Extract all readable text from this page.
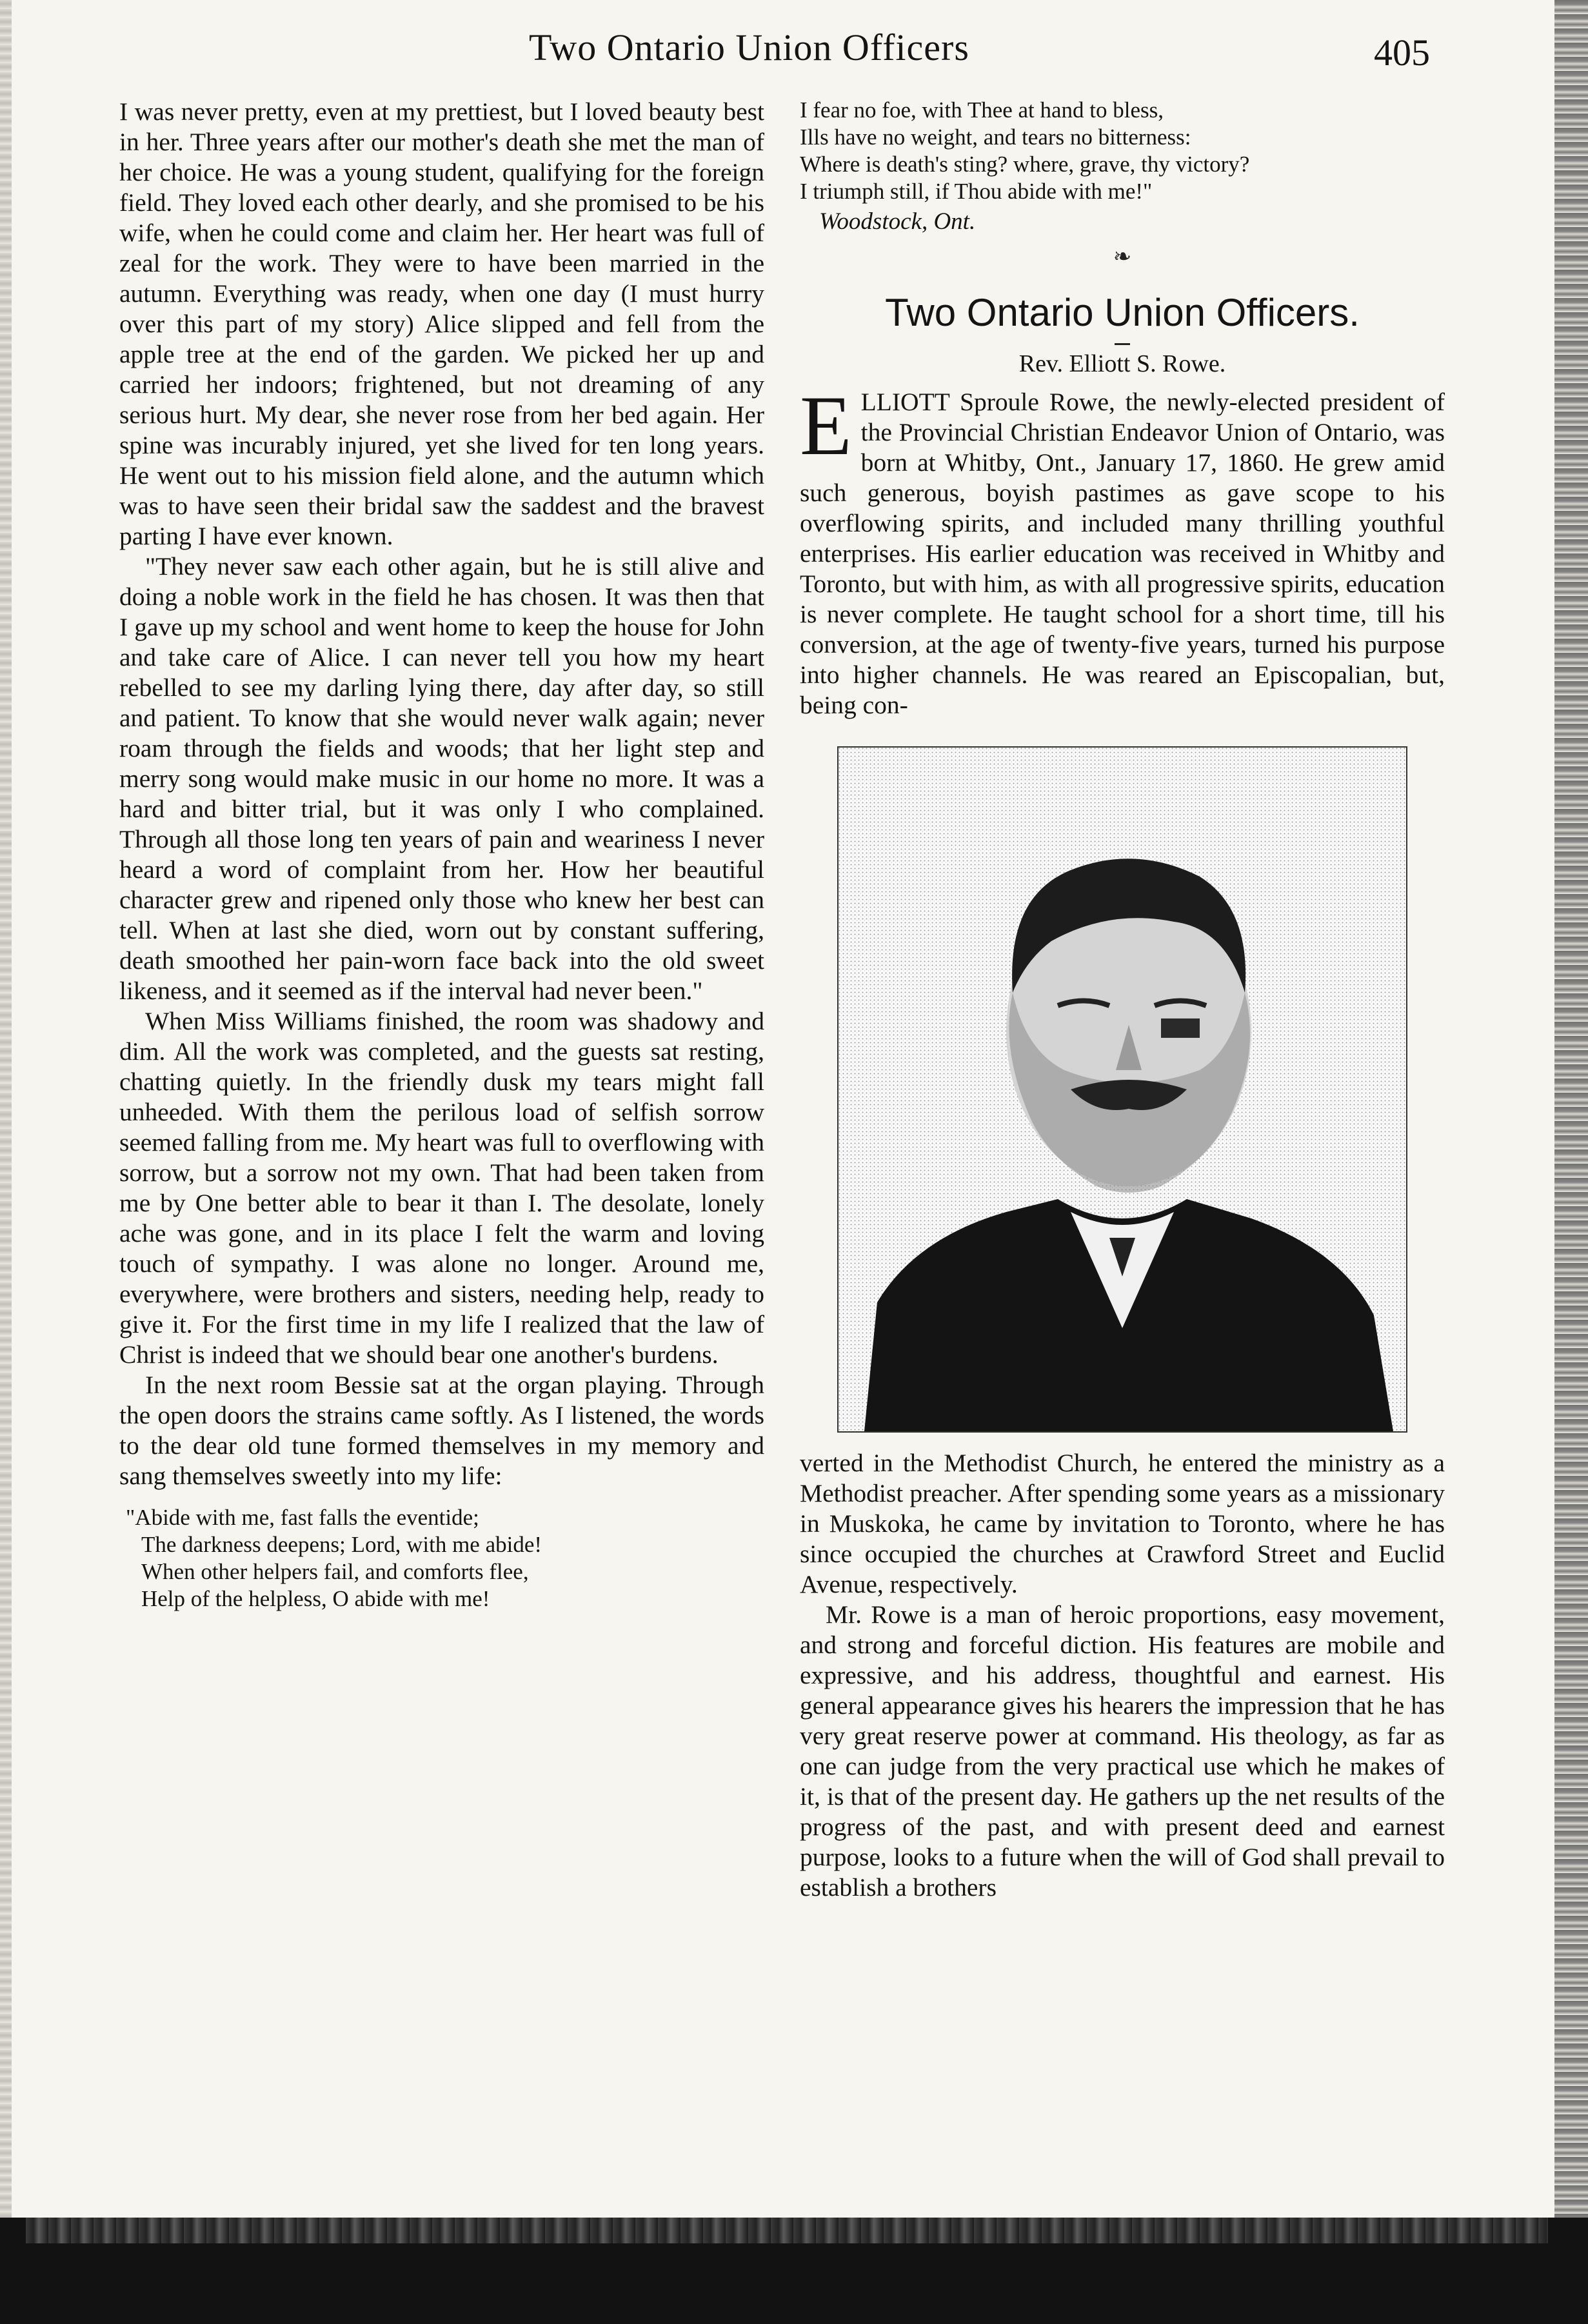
Two Ontario Union Officers	405

I was never pretty, even at my prettiest, but I loved beauty best in her. Three years after our mother's death she met the man of her choice. He was a young student, qualifying for the foreign field. They loved each other dearly, and she promised to be his wife, when he could come and claim her. Her heart was full of zeal for the work. They were to have been married in the autumn. Everything was ready, when one day (I must hurry over this part of my story) Alice slipped and fell from the apple tree at the end of the garden. We picked her up and carried her indoors; frightened, but not dreaming of any serious hurt. My dear, she never rose from her bed again. Her spine was incurably injured, yet she lived for ten long years. He went out to his mission field alone, and the autumn which was to have seen their bridal saw the saddest and the bravest parting I have ever known.

"They never saw each other again, but he is still alive and doing a noble work in the field he has chosen. It was then that I gave up my school and went home to keep the house for John and take care of Alice. I can never tell you how my heart rebelled to see my darling lying there, day after day, so still and patient. To know that she would never walk again; never roam through the fields and woods; that her light step and merry song would make music in our home no more. It was a hard and bitter trial, but it was only I who complained. Through all those long ten years of pain and weariness I never heard a word of complaint from her. How her beautiful character grew and ripened only those who knew her best can tell. When at last she died, worn out by constant suffering, death smoothed her pain-worn face back into the old sweet likeness, and it seemed as if the interval had never been."

When Miss Williams finished, the room was shadowy and dim. All the work was completed, and the guests sat resting, chatting quietly. In the friendly dusk my tears might fall unheeded. With them the perilous load of selfish sorrow seemed falling from me. My heart was full to overflowing with sorrow, but a sorrow not my own. That had been taken from me by One better able to bear it than I. The desolate, lonely ache was gone, and in its place I felt the warm and loving touch of sympathy. I was alone no longer. Around me, everywhere, were brothers and sisters, needing help, ready to give it. For the first time in my life I realized that the law of Christ is indeed that we should bear one another's burdens.

In the next room Bessie sat at the organ playing. Through the open doors the strains came softly. As I listened, the words to the dear old tune formed themselves in my memory and sang themselves sweetly into my life:

"Abide with me, fast falls the eventide;
The darkness deepens; Lord, with me abide!
When other helpers fail, and comforts flee,
Help of the helpless, O abide with me!
I fear no foe, with Thee at hand to bless,
Ills have no weight, and tears no bitterness:
Where is death's sting? where, grave, thy victory?
I triumph still, if Thou abide with me!"
Woodstock, Ont.
❧
Two Ontario Union Officers.
Rev. Elliott S. Rowe.

E LLIOTT Sproule Rowe, the newly-elected president of the Provincial Christian Endeavor Union of Ontario, was born at Whitby, Ont., January 17, 1860. He grew amid such generous, boyish pastimes as gave scope to his overflowing spirits, and included many thrilling youthful enterprises. His earlier education was received in Whitby and Toronto, but with him, as with all progressive spirits, education is never complete. He taught school for a short time, till his conversion, at the age of twenty-five years, turned his purpose into higher channels. He was reared an Episcopalian, but, being con-

verted in the Methodist Church, he entered the ministry as a Methodist preacher. After spending some years as a missionary in Muskoka, he came by invitation to Toronto, where he has since occupied the churches at Crawford Street and Euclid Avenue, respectively.

Mr. Rowe is a man of heroic proportions, easy movement, and strong and forceful diction. His features are mobile and expressive, and his address, thoughtful and earnest. His general appearance gives his hearers the impression that he has very great reserve power at command. His theology, as far as one can judge from the very practical use which he makes of it, is that of the present day. He gathers up the net results of the progress of the past, and with present deed and earnest purpose, looks to a future when the will of God shall prevail to establish a brothers
